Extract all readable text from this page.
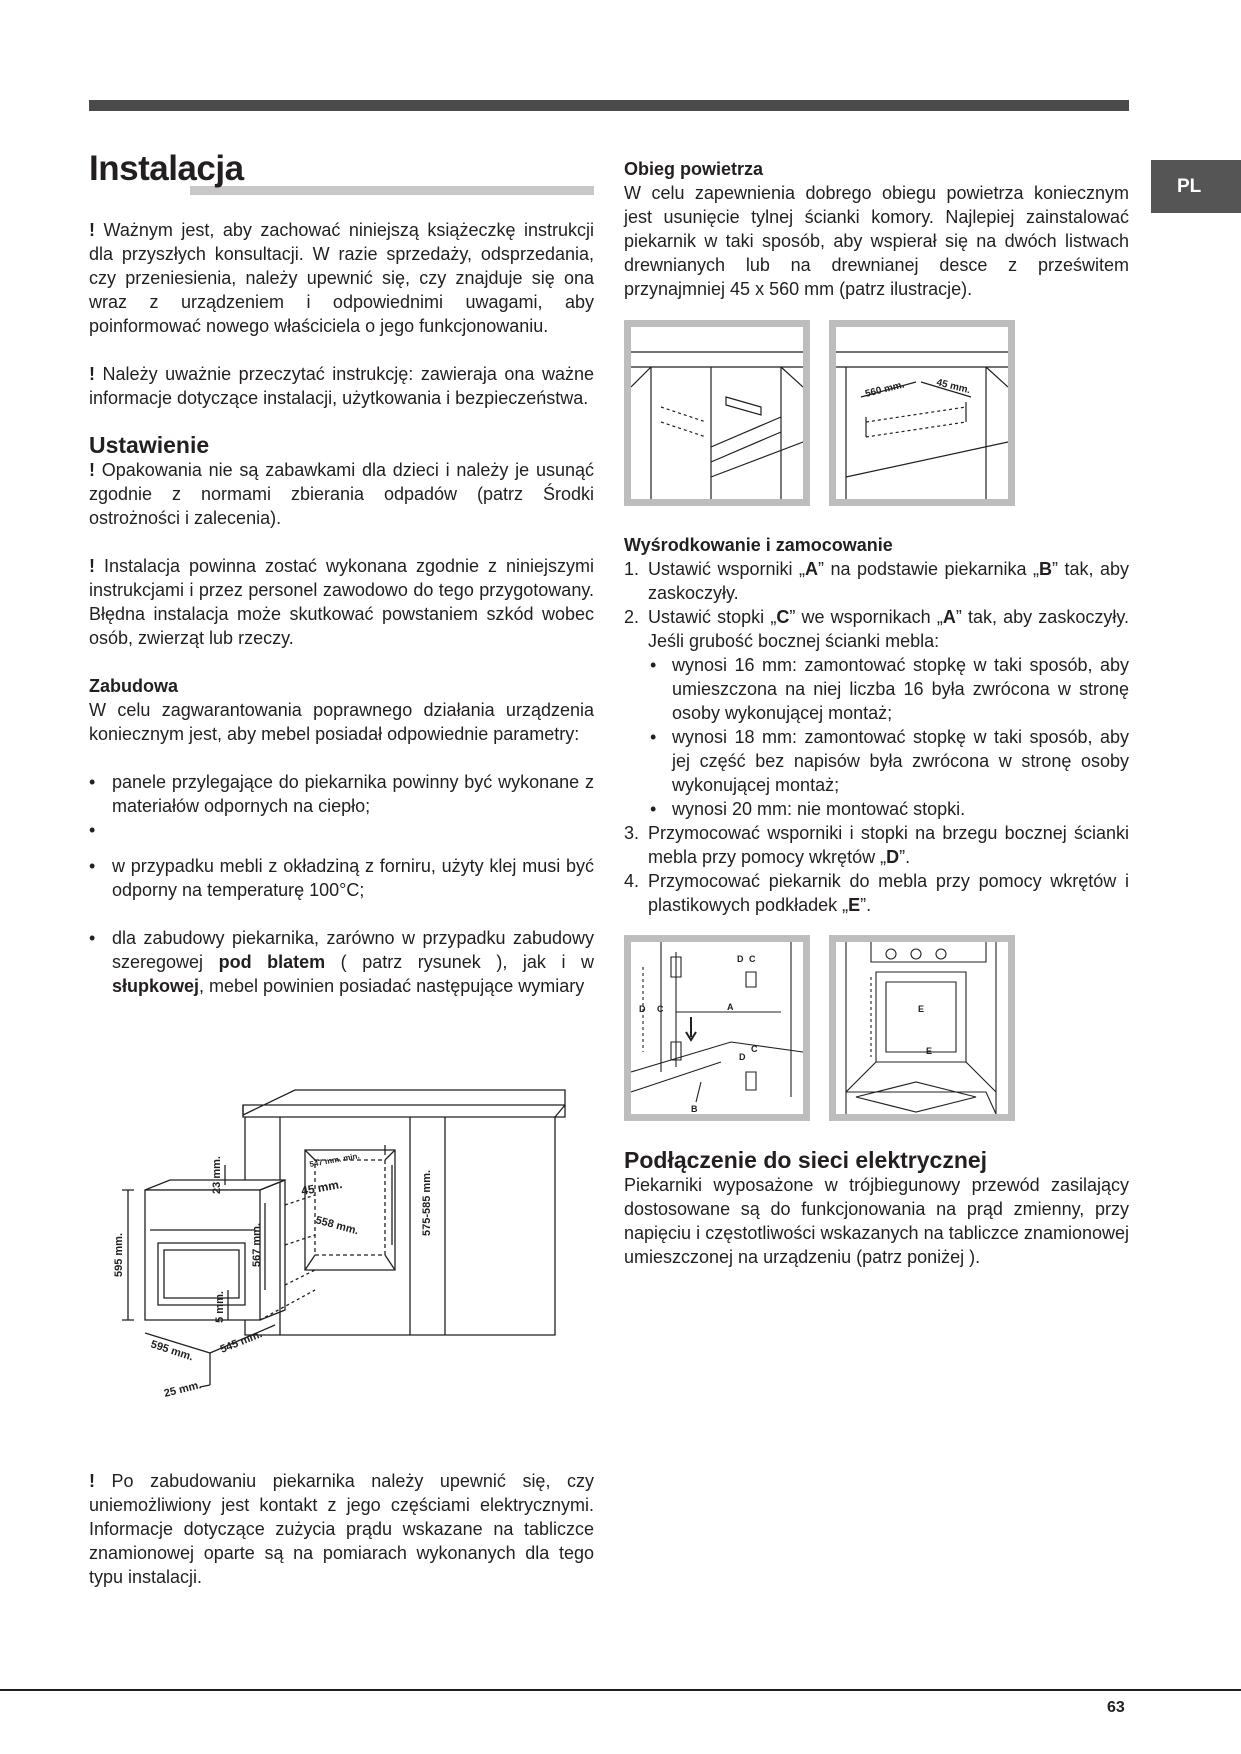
PL
Instalacja

! Ważnym jest, aby zachować niniejszą książeczkę instrukcji dla przyszłych konsultacji. W razie sprzedaży, odsprzedania, czy przeniesienia, należy upewnić się, czy znajduje się ona wraz z urządzeniem i odpowiednimi uwagami, aby poinformować nowego właściciela o jego funkcjonowaniu.

! Należy uważnie przeczytać instrukcję: zawieraja ona ważne informacje dotyczące instalacji, użytkowania i bezpieczeństwa.

Ustawienie

! Opakowania nie są zabawkami dla dzieci i należy je usunąć zgodnie z normami zbierania odpadów (patrz Środki ostrożności i zalecenia).

! Instalacja powinna zostać wykonana zgodnie z niniejszymi instrukcjami i przez personel zawodowo do tego przygotowany. Błędna instalacja może skutkować powstaniem szkód wobec osób, zwierząt lub rzeczy.

Zabudowa

W celu zagwarantowania poprawnego działania urządzenia koniecznym jest, aby mebel posiadał odpowiednie parametry:

• panele przylegające do piekarnika powinny być wykonane z materiałów odpornych na ciepło;
•
• w przypadku mebli z okładziną z forniru, użyty klej musi być odporny na temperaturę 100°C;
• dla zabudowy piekarnika, zarówno w przypadku zabudowy szeregowej pod blatem ( patrz rysunek ), jak i w słupkowej, mebel powinien posiadać następujące wymiary
595 mm.
23 mm.
567 mm.
5 mm.
595 mm. 545 mm.
25 mm.
547 mm. min.
45 mm.
558 mm.	575-585 mm.

! Po zabudowaniu piekarnika należy upewnić się, czy uniemożliwiony jest kontakt z jego częściami elektrycznymi. Informacje dotyczące zużycia prądu wskazane na tabliczce znamionowej oparte są na pomiarach wykonanych dla tego typu instalacji.

Obieg powietrza

W celu zapewnienia dobrego obiegu powietrza koniecznym jest usunięcie tylnej ścianki komory. Najlepiej zainstalować piekarnik w taki sposób, aby wspierał się na dwóch listwach drewnianych lub na drewnianej desce z prześwitem przynajmniej 45 x 560 mm (patrz ilustracje).

560 mm.	45 mm.
Wyśrodkowanie i zamocowanie
1. Ustawić wsporniki „A” na podstawie piekarnika „B” tak, aby zaskoczyły.
2. Ustawić stopki „C” we wspornikach „A” tak, aby zaskoczyły. Jeśli grubość bocznej ścianki mebla:
• wynosi 16 mm: zamontować stopkę w taki sposób, aby umieszczona na niej liczba 16 była zwrócona w stronę osoby wykonującej montaż;
• wynosi 18 mm: zamontować stopkę w taki sposób, aby jej część bez napisów była zwrócona w stronę osoby wykonującej montaż;
• wynosi 20 mm: nie montować stopki.
3. Przymocować wsporniki i stopki na brzegu bocznej ścianki mebla przy pomocy wkrętów „D”.
4. Przymocować piekarnik do mebla przy pomocy wkrętów i plastikowych podkładek „E”.
D C
D C	A
D
C
B
E
E
Podłączenie do sieci elektrycznej

Piekarniki wyposażone w trójbiegunowy przewód zasilający dostosowane są do funkcjonowania na prąd zmienny, przy napięciu i częstotliwości wskazanych na tabliczce znamionowej umieszczonej na urządzeniu (patrz poniżej ).

63
